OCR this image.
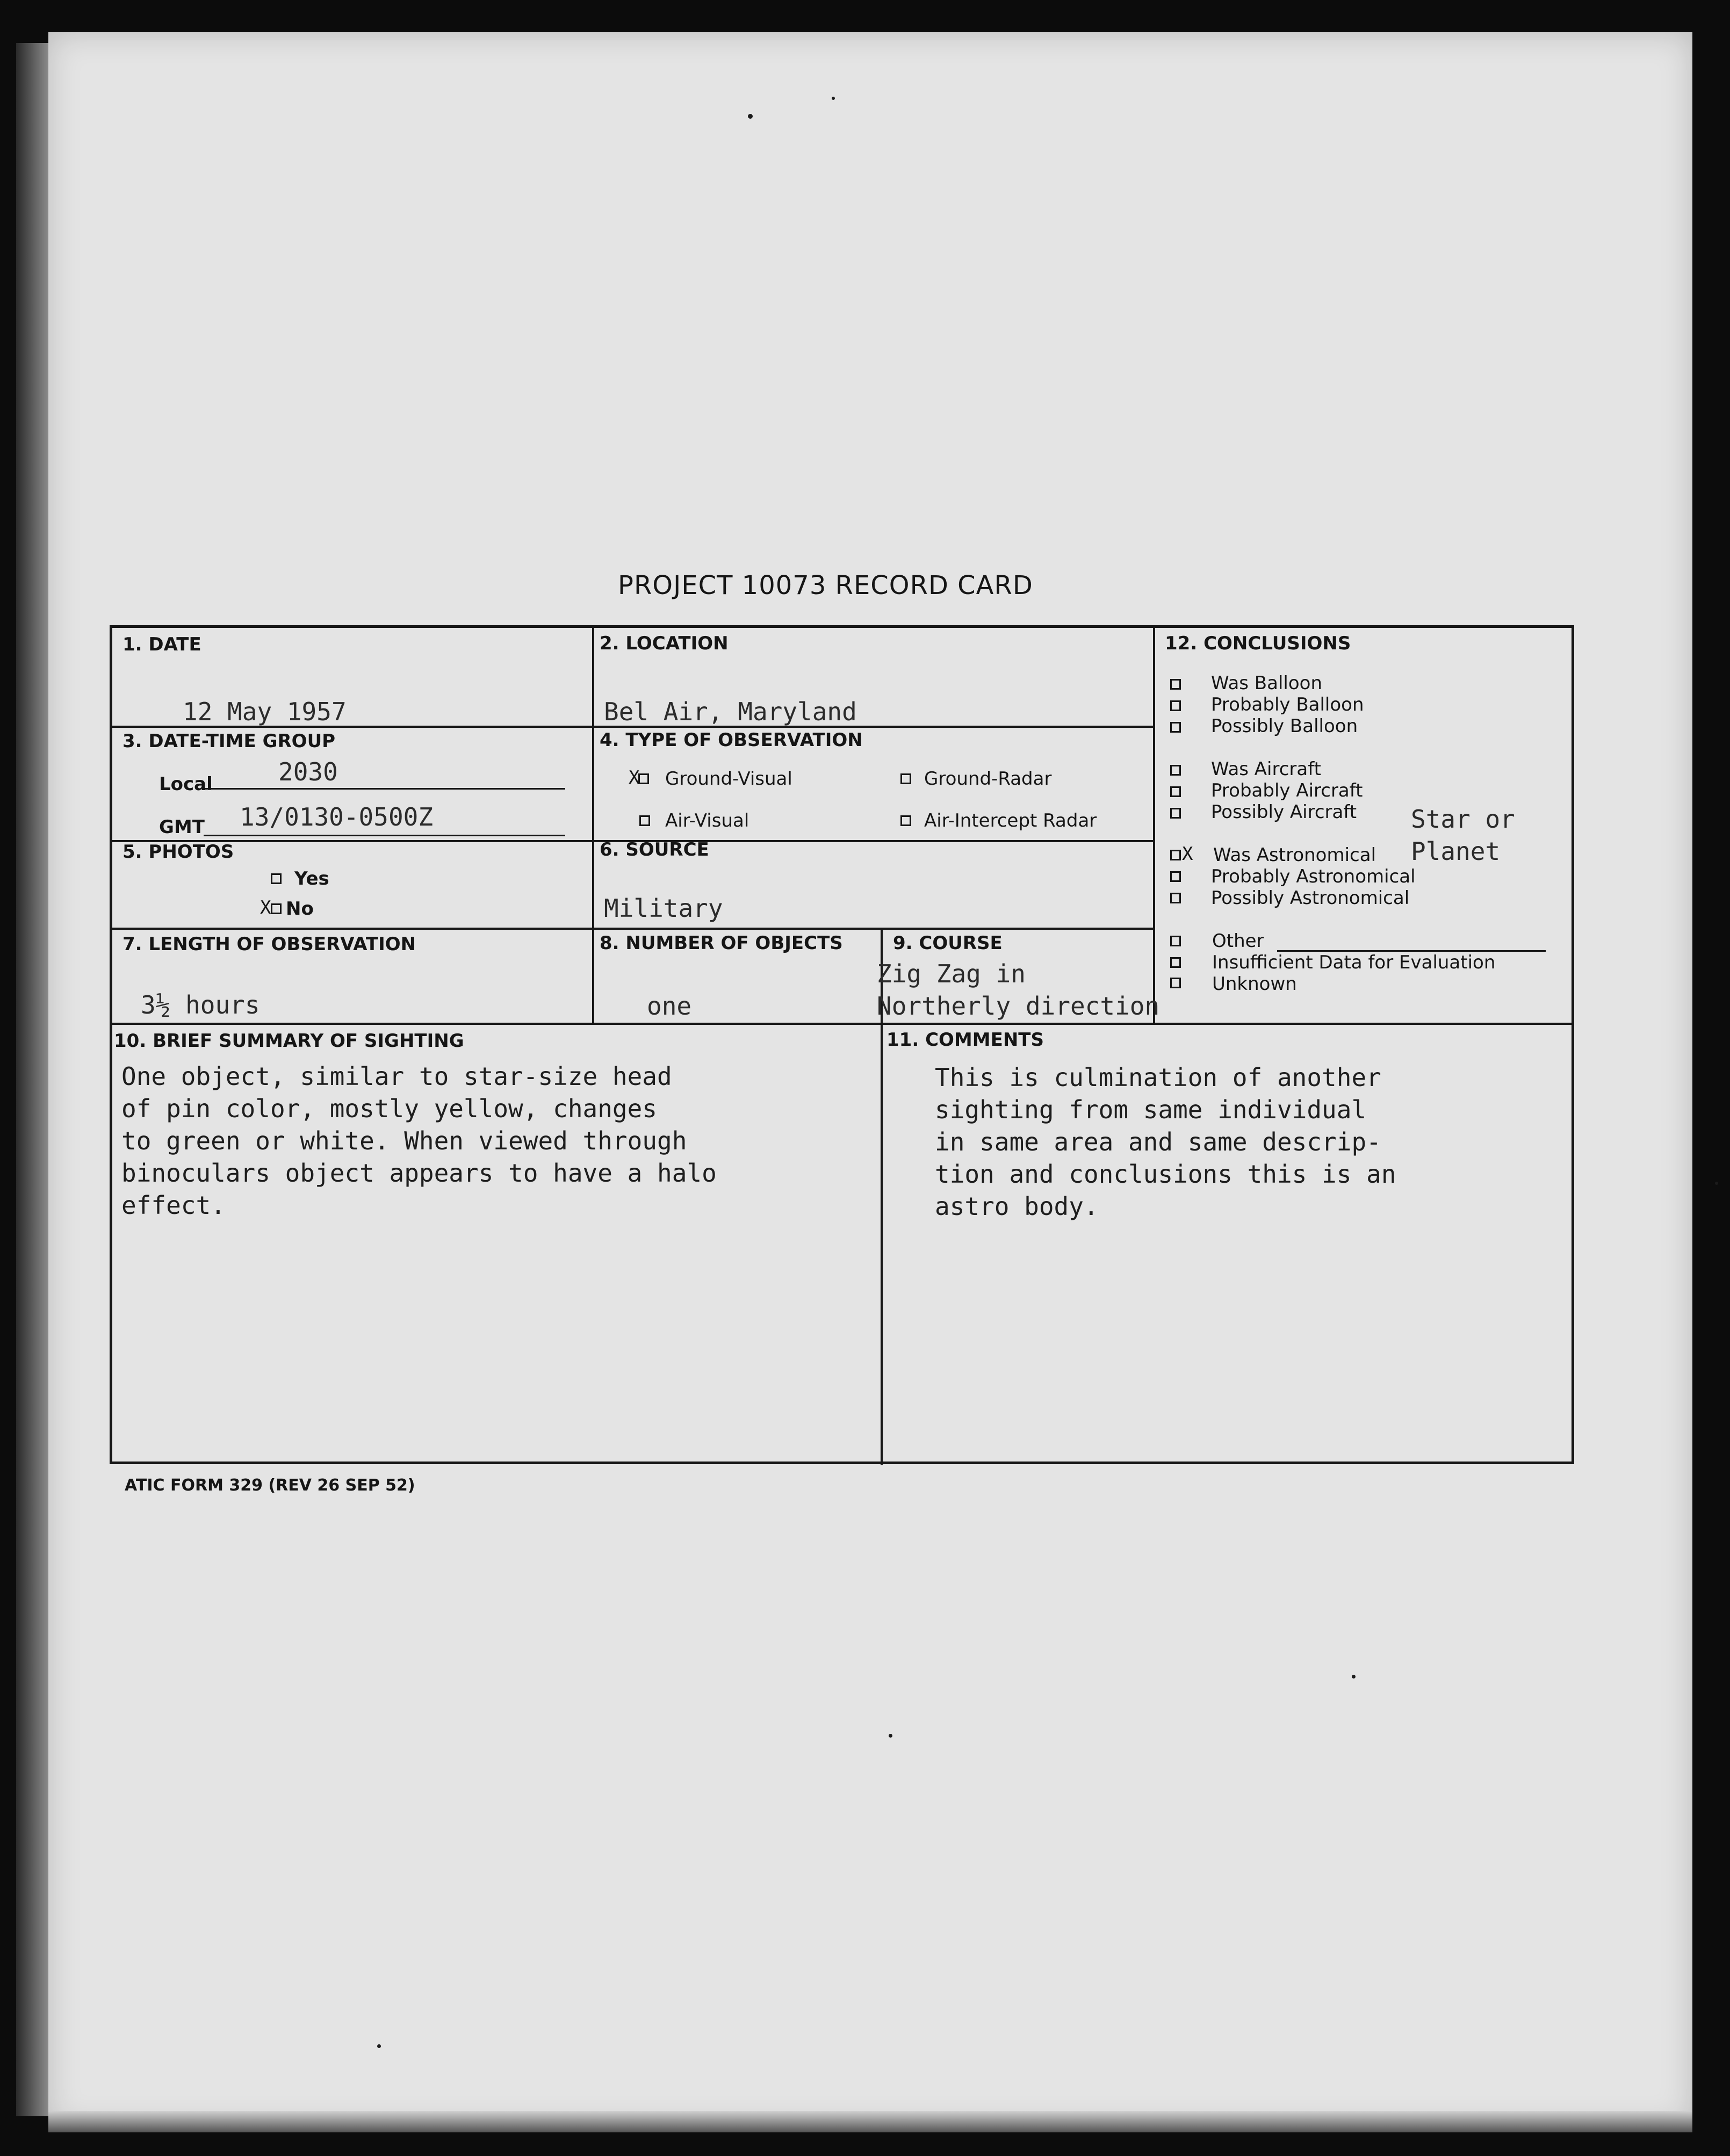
PROJECT 10073 RECORD CARD
1. DATE
12 May 1957
2. LOCATION
Bel Air, Maryland
3. DATE-TIME GROUP
Local	2030
GMT 13/0130-0500Z
4. TYPE OF OBSERVATION
X Ground-Visual	Ground-Radar
Air-Visual	Air-Intercept Radar
5. PHOTOS
Yes
X No
6. SOURCE
Military
7. LENGTH OF OBSERVATION
3½ hours
8. NUMBER OF OBJECTS
one
9. COURSE
Zig Zag in
Northerly direction
10. BRIEF SUMMARY OF SIGHTING
One object, similar to star-size head
of pin color, mostly yellow, changes
to green or white. When viewed through
binoculars object appears to have a halo
effect.
11. COMMENTS
This is culmination of another
sighting from same individual
in same area and same descrip-
tion and conclusions this is an
astro body.
12. CONCLUSIONS
Was Balloon
Probably Balloon
Possibly Balloon
Was Aircraft
Probably Aircraft
Possibly Aircraft Star or
X Was Astronomical Planet
Probably Astronomical
Possibly Astronomical
Other
Insufficient Data for Evaluation
Unknown
ATIC FORM 329 (REV 26 SEP 52)
